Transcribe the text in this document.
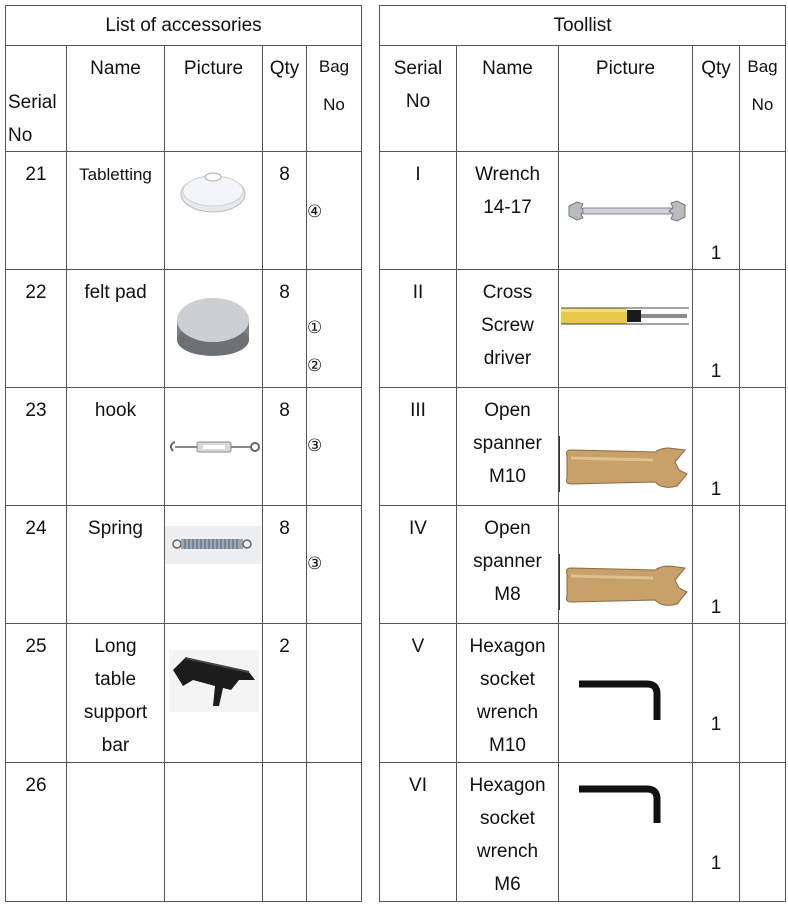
List of accessories				

Serial
No	Name	Picture	Qty	Bag
No
21	Tabletting		8	④

22	felt pad		8	①
②

23	hook		8	③

24	Spring		8	③

25	Long
table
support
bar		2	
26				
Toollist				
Serial
No	Name	Picture	Qty	Bag
No
I	Wrench
14-17		1	

II	Cross
Screw
driver		1	

III	Open
spanner
M10		1	

IV	Open
spanner
M8		1	

V	Hexagon
socket
wrench
M10		1	

VI	Hexagon
socket
wrench
M6		1	
